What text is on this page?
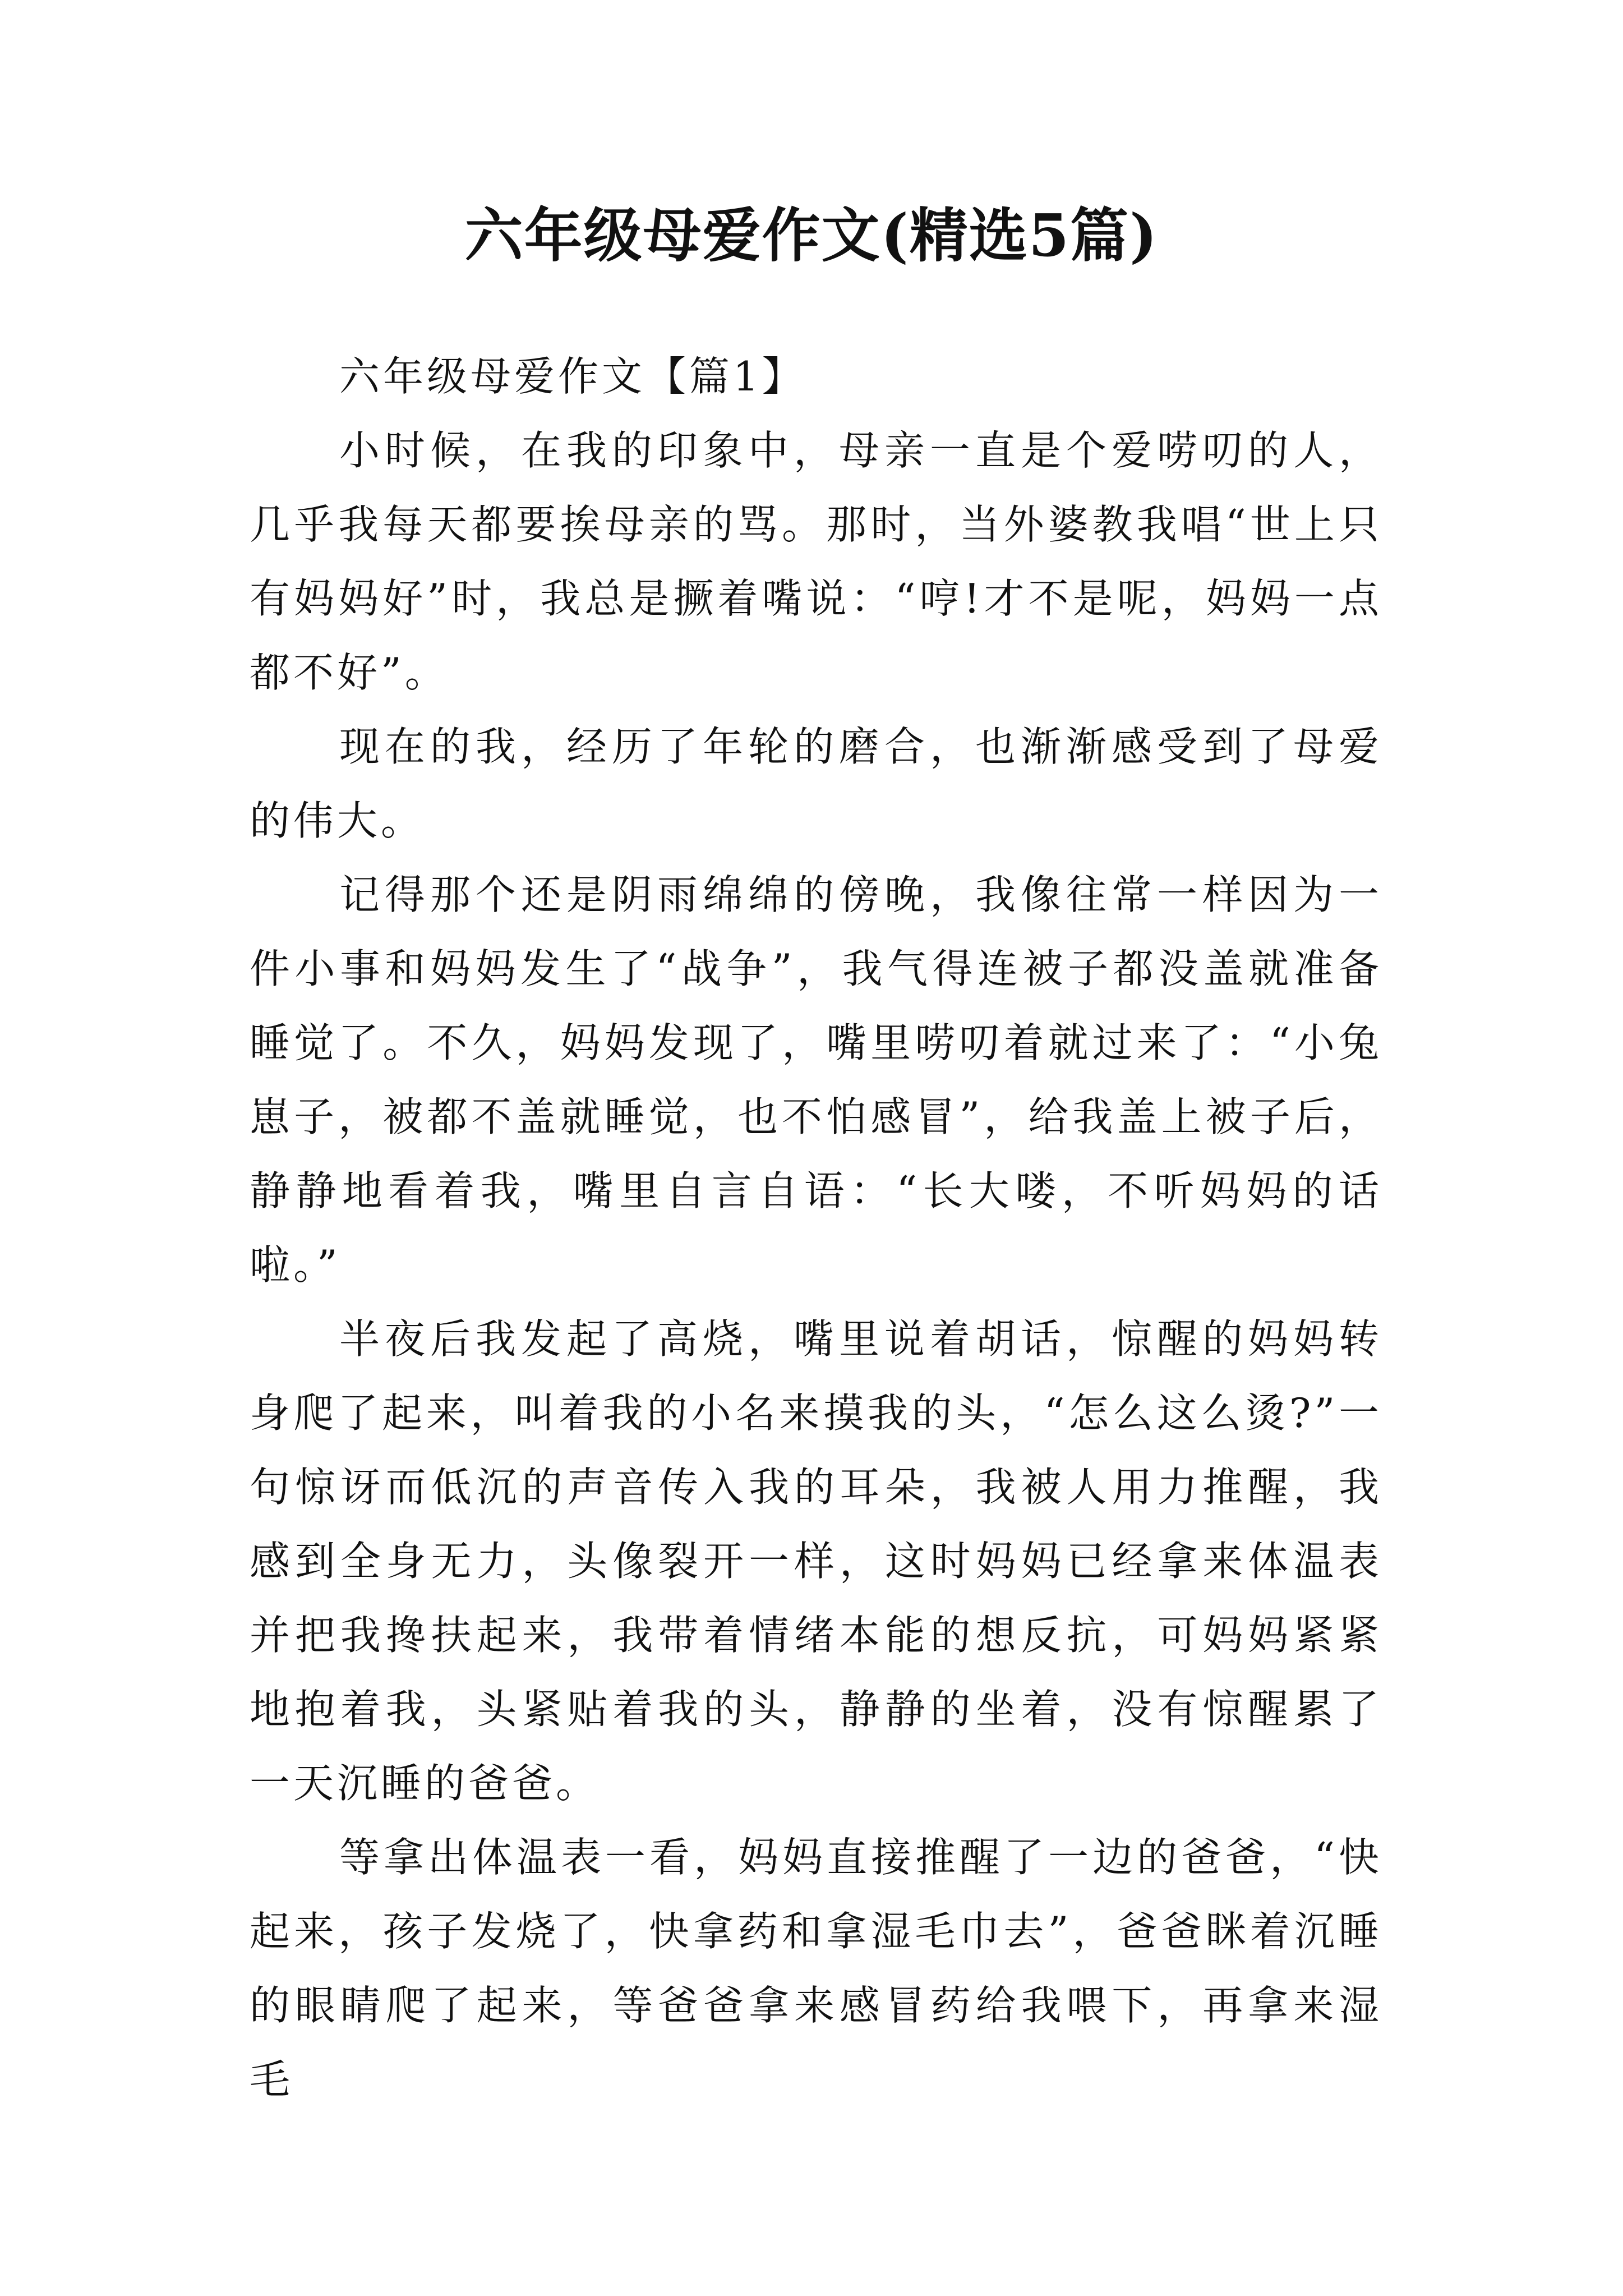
六年级母爱作文(精选5篇)

六年级母爱作文【篇1】

小时候，在我的印象中，母亲一直是个爱唠叨的人，几乎我每天都要挨母亲的骂。那时，当外婆教我唱“世上只有妈妈好”时，我总是撅着嘴说：“哼!才不是呢，妈妈一点都不好”。

现在的我，经历了年轮的磨合，也渐渐感受到了母爱的伟大。

记得那个还是阴雨绵绵的傍晚，我像往常一样因为一件小事和妈妈发生了“战争”，我气得连被子都没盖就准备睡觉了。不久，妈妈发现了，嘴里唠叨着就过来了：“小兔崽子，被都不盖就睡觉，也不怕感冒”，给我盖上被子后，静静地看着我，嘴里自言自语：“长大喽，不听妈妈的话啦。”

半夜后我发起了高烧，嘴里说着胡话，惊醒的妈妈转身爬了起来，叫着我的小名来摸我的头，“怎么这么烫?”一句惊讶而低沉的声音传入我的耳朵，我被人用力推醒，我感到全身无力，头像裂开一样，这时妈妈已经拿来体温表并把我搀扶起来，我带着情绪本能的想反抗，可妈妈紧紧地抱着我，头紧贴着我的头，静静的坐着，没有惊醒累了一天沉睡的爸爸。

等拿出体温表一看，妈妈直接推醒了一边的爸爸，“快起来，孩子发烧了，快拿药和拿湿毛巾去”，爸爸眯着沉睡的眼睛爬了起来，等爸爸拿来感冒药给我喂下，再拿来湿毛
